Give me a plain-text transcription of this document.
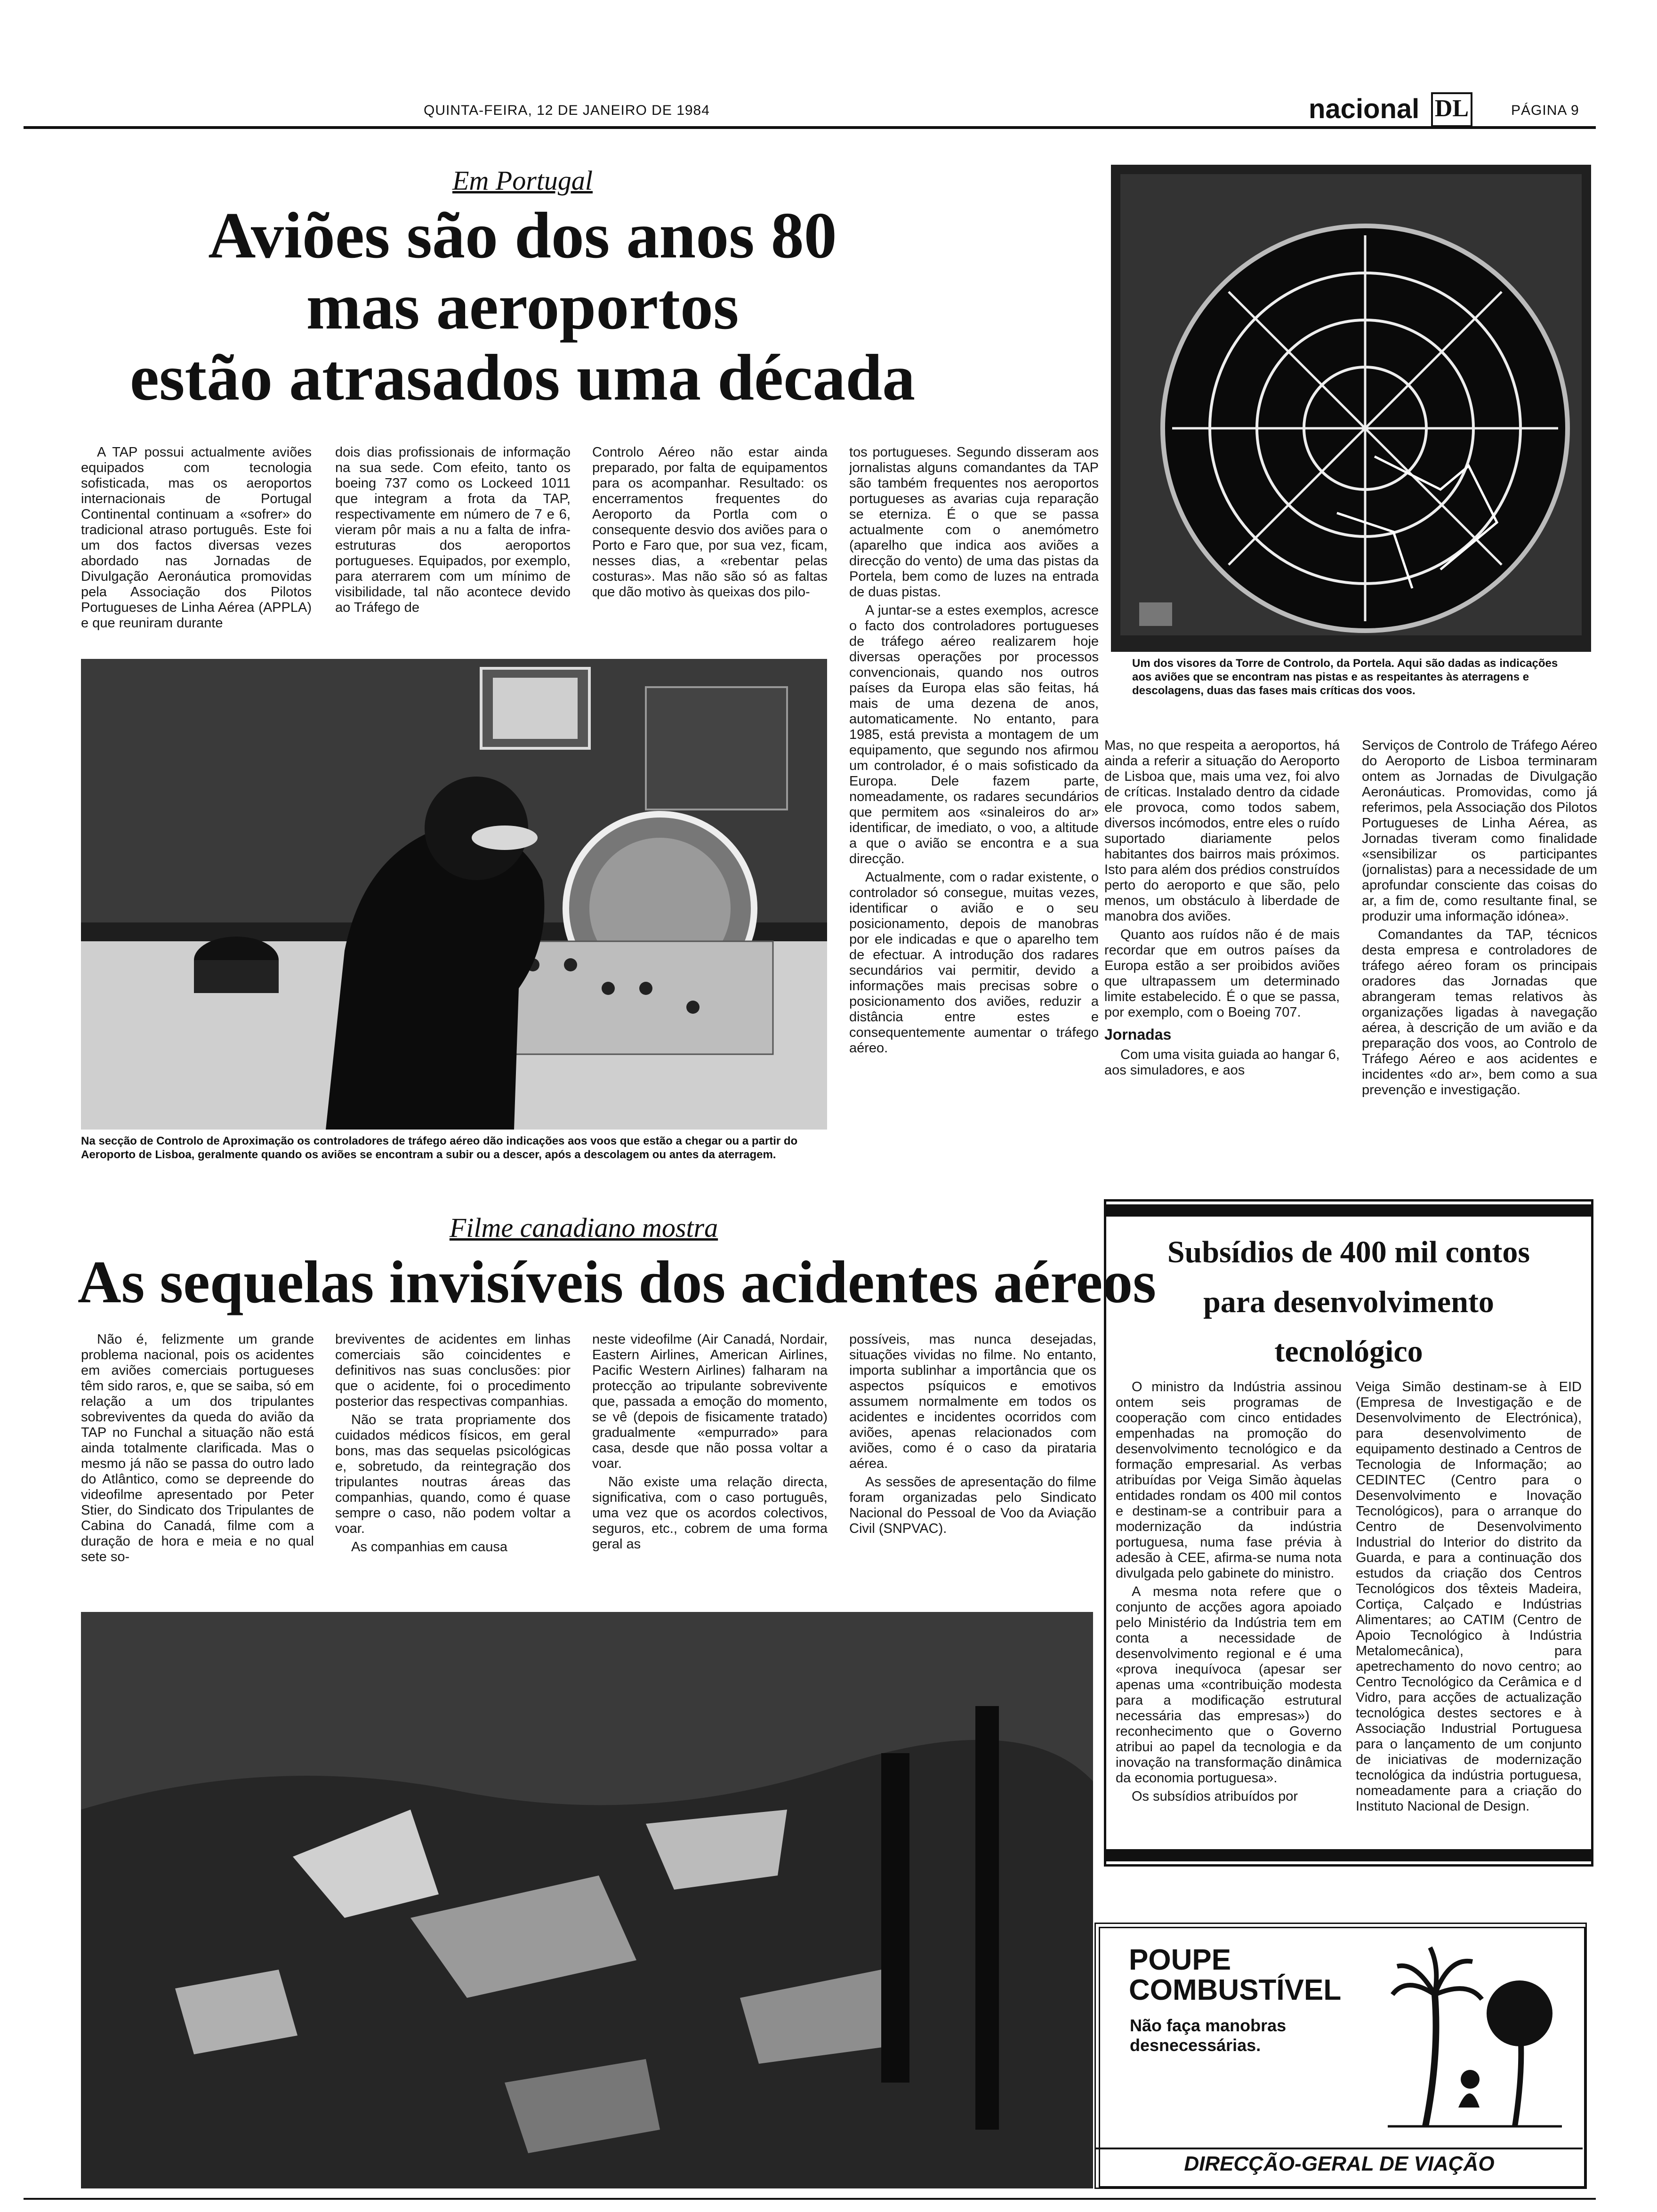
QUINTA-FEIRA, 12 DE JANEIRO DE 1984	nacional DL	PÁGINA 9
Em Portugal
Aviões são dos anos 80
mas aeroportos
estão atrasados uma década

A TAP possui actualmente aviões equipados com tecnologia sofisticada, mas os aeroportos internacionais de Portugal Continental continuam a «sofrer» do tradicional atraso português. Este foi um dos factos diversas vezes abordado nas Jornadas de Divulgação Aeronáutica promovidas pela Associação dos Pilotos Portugueses de Linha Aérea (APPLA) e que reuniram durante

dois dias profissionais de informação na sua sede. Com efeito, tanto os boeing 737 como os Lockeed 1011 que integram a frota da TAP, respectivamente em número de 7 e 6, vieram pôr mais a nu a falta de infra-estruturas dos aeroportos portugueses. Equipados, por exemplo, para aterrarem com um mínimo de visibilidade, tal não acontece devido ao Tráfego de

Controlo Aéreo não estar ainda preparado, por falta de equipamentos para os acompanhar. Resultado: os encerramentos frequentes do Aeroporto da Portla com o consequente desvio dos aviões para o Porto e Faro que, por sua vez, ficam, nesses dias, a «rebentar pelas costuras». Mas não são só as faltas que dão motivo às queixas dos pilo-

tos portugueses. Segundo disseram aos jornalistas alguns comandantes da TAP são também frequentes nos aeroportos portugueses as avarias cuja reparação se eterniza. É o que se passa actualmente com o anemómetro (aparelho que indica aos aviões a direcção do vento) de uma das pistas da Portela, bem como de luzes na entrada de duas pistas.

A juntar-se a estes exemplos, acresce o facto dos controladores portugueses de tráfego aéreo realizarem hoje diversas operações por processos convencionais, quando nos outros países da Europa elas são feitas, há mais de uma dezena de anos, automaticamente. No entanto, para 1985, está prevista a montagem de um equipamento, que segundo nos afirmou um controlador, é o mais sofisticado da Europa. Dele fazem parte, nomeadamente, os radares secundários que permitem aos «sinaleiros do ar» identificar, de imediato, o voo, a altitude a que o avião se encontra e a sua direcção.

Actualmente, com o radar existente, o controlador só consegue, muitas vezes, identificar o avião e o seu posicionamento, depois de manobras por ele indicadas e que o aparelho tem de efectuar. A introdução dos radares secundários vai permitir, devido a informações mais precisas sobre o posicionamento dos aviões, reduzir a distância entre estes e consequentemente aumentar o tráfego aéreo.

Na secção de Controlo de Aproximação os controladores de tráfego aéreo dão indicações aos voos que estão a chegar ou a partir do Aeroporto de Lisboa, geralmente quando os aviões se encontram a subir ou a descer, após a descolagem ou antes da aterragem.
Um dos visores da Torre de Controlo, da Portela. Aqui são dadas as indicações aos aviões que se encontram nas pistas e as respeitantes às aterragens e descolagens, duas das fases mais críticas dos voos.

Mas, no que respeita a aeroportos, há ainda a referir a situação do Aeroporto de Lisboa que, mais uma vez, foi alvo de críticas. Instalado dentro da cidade ele provoca, como todos sabem, diversos incómodos, entre eles o ruído suportado diariamente pelos habitantes dos bairros mais próximos. Isto para além dos prédios construídos perto do aeroporto e que são, pelo menos, um obstáculo à liberdade de manobra dos aviões.

Quanto aos ruídos não é de mais recordar que em outros países da Europa estão a ser proibidos aviões que ultrapassem um determinado limite estabelecido. É o que se passa, por exemplo, com o Boeing 707.

Jornadas

Com uma visita guiada ao hangar 6, aos simuladores, e aos

Serviços de Controlo de Tráfego Aéreo do Aeroporto de Lisboa terminaram ontem as Jornadas de Divulgação Aeronáuticas. Promovidas, como já referimos, pela Associação dos Pilotos Portugueses de Linha Aérea, as Jornadas tiveram como finalidade «sensibilizar os participantes (jornalistas) para a necessidade de um aprofundar consciente das coisas do ar, a fim de, como resultante final, se produzir uma informação idónea».

Comandantes da TAP, técnicos desta empresa e controladores de tráfego aéreo foram os principais oradores das Jornadas que abrangeram temas relativos às organizações ligadas à navegação aérea, à descrição de um avião e da preparação dos voos, ao Controlo de Tráfego Aéreo e aos acidentes e incidentes «do ar», bem como a sua prevenção e investigação.

Filme canadiano mostra
As sequelas invisíveis dos acidentes aéreos

Não é, felizmente um grande problema nacional, pois os acidentes em aviões comerciais portugueses têm sido raros, e, que se saiba, só em relação a um dos tripulantes sobreviventes da queda do avião da TAP no Funchal a situação não está ainda totalmente clarificada. Mas o mesmo já não se passa do outro lado do Atlântico, como se depreende do videofilme apresentado por Peter Stier, do Sindicato dos Tripulantes de Cabina do Canadá, filme com a duração de hora e meia e no qual sete so-

breviventes de acidentes em linhas comerciais são coincidentes e definitivos nas suas conclusões: pior que o acidente, foi o procedimento posterior das respectivas companhias.

Não se trata propriamente dos cuidados médicos físicos, em geral bons, mas das sequelas psicológicas e, sobretudo, da reintegração dos tripulantes noutras áreas das companhias, quando, como é quase sempre o caso, não podem voltar a voar.

As companhias em causa

neste videofilme (Air Canadá, Nordair, Eastern Airlines, American Airlines, Pacific Western Airlines) falharam na protecção ao tripulante sobrevivente que, passada a emoção do momento, se vê (depois de fisicamente tratado) gradualmente «empurrado» para casa, desde que não possa voltar a voar.

Não existe uma relação directa, significativa, com o caso português, uma vez que os acordos colectivos, seguros, etc., cobrem de uma forma geral as

possíveis, mas nunca desejadas, situações vividas no filme. No entanto, importa sublinhar a importância que os aspectos psíquicos e emotivos assumem normalmente em todos os acidentes e incidentes ocorridos com aviões, apenas relacionados com aviões, como é o caso da pirataria aérea.

As sessões de apresentação do filme foram organizadas pelo Sindicato Nacional do Pessoal de Voo da Aviação Civil (SNPVAC).

Subsídios de 400 mil contos
para desenvolvimento
tecnológico

O ministro da Indústria assinou ontem seis programas de cooperação com cinco entidades empenhadas na promoção do desenvolvimento tecnológico e da formação empresarial. As verbas atribuídas por Veiga Simão àquelas entidades rondam os 400 mil contos e destinam-se a contribuir para a modernização da indústria portuguesa, numa fase prévia à adesão à CEE, afirma-se numa nota divulgada pelo gabinete do ministro.

A mesma nota refere que o conjunto de acções agora apoiado pelo Ministério da Indústria tem em conta a necessidade de desenvolvimento regional e é uma «prova inequívoca (apesar ser apenas uma «contribuição modesta para a modificação estrutural necessária das empresas») do reconhecimento que o Governo atribui ao papel da tecnologia e da inovação na transformação dinâmica da economia portuguesa».

Os subsídios atribuídos por

Veiga Simão destinam-se à EID (Empresa de Investigação e de Desenvolvimento de Electrónica), para desenvolvimento de equipamento destinado a Centros de Tecnologia de Informação; ao CEDINTEC (Centro para o Desenvolvimento e Inovação Tecnológicos), para o arranque do Centro de Desenvolvimento Industrial do Interior do distrito da Guarda, e para a continuação dos estudos da criação dos Centros Tecnológicos dos têxteis Madeira, Cortiça, Calçado e Indústrias Alimentares; ao CATIM (Centro de Apoio Tecnológico à Indústria Metalomecânica), para apetrechamento do novo centro; ao Centro Tecnológico da Cerâmica e d Vidro, para acções de actualização tecnológica destes sectores e à Associação Industrial Portuguesa para o lançamento de um conjunto de iniciativas de modernização tecnológica da indústria portuguesa, nomeadamente para a criação do Instituto Nacional de Design.

POUPE
COMBUSTÍVEL
Não faça manobras
desnecessárias.
DIRECÇÃO-GERAL DE VIAÇÃO
